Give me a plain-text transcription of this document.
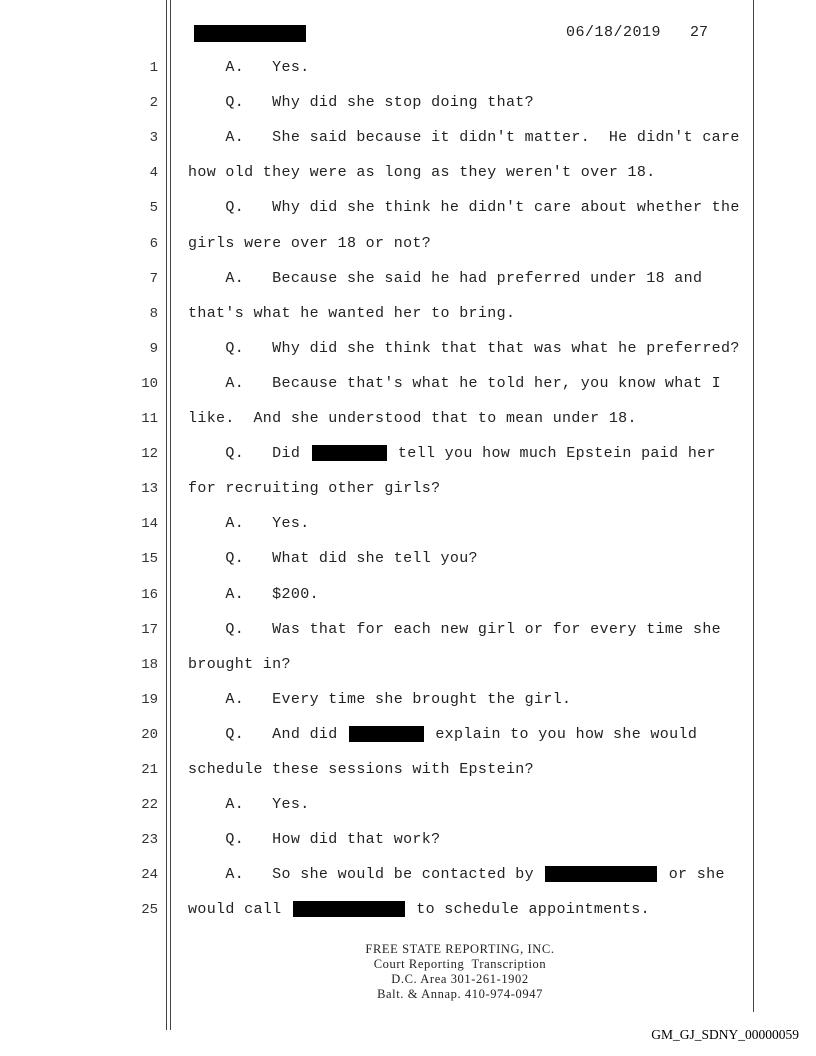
06/18/2019 27
1 A.   Yes.
2 Q.   Why did she stop doing that?
3 A.   She said because it didn't matter.  He didn't care
4 how old they were as long as they weren't over 18.
5 Q.   Why did she think he didn't care about whether the
6 girls were over 18 or not?
7 A.   Because she said he had preferred under 18 and
8 that's what he wanted her to bring.
9 Q.   Why did she think that that was what he preferred?
10 A.   Because that's what he told her, you know what I
11 like.  And she understood that to mean under 18.
12 Q.   Did	tell you how much Epstein paid her
13 for recruiting other girls?
14 A.   Yes.
15 Q.   What did she tell you?
16 A.   $200.
17 Q.   Was that for each new girl or for every time she
18 brought in?
19 A.   Every time she brought the girl.
20 Q.   And did	explain to you how she would
21 schedule these sessions with Epstein?
22 A.   Yes.
23 Q.   How did that work?
24 A.   So she would be contacted by	or she
25 would call	to schedule appointments.
FREE STATE REPORTING, INC.
Court Reporting  Transcription
D.C. Area 301-261-1902
Balt. & Annap. 410-974-0947
GM_GJ_SDNY_00000059
